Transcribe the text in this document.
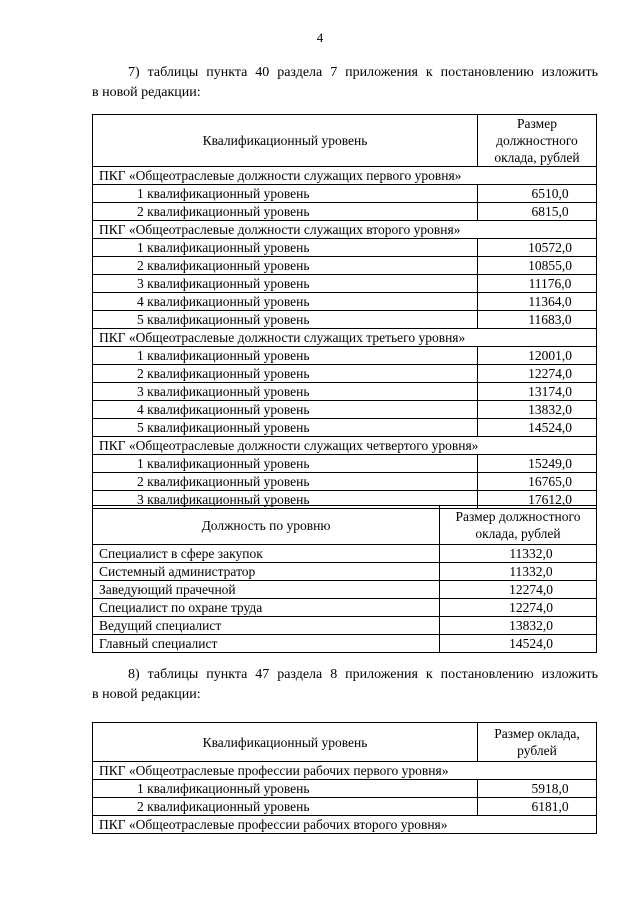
4
7) таблицы пункта 40 раздела 7 приложения к постановлению изложить
в новой редакции:
Квалификационный уровень	Размер должностного оклада, рублей
ПКГ «Общеотраслевые должности служащих первого уровня»	
1 квалификационный уровень	6510,0
2 квалификационный уровень	6815,0
ПКГ «Общеотраслевые должности служащих второго уровня»	
1 квалификационный уровень	10572,0
2 квалификационный уровень	10855,0
3 квалификационный уровень	11176,0
4 квалификационный уровень	11364,0
5 квалификационный уровень	11683,0
ПКГ «Общеотраслевые должности служащих третьего уровня»	
1 квалификационный уровень	12001,0
2 квалификационный уровень	12274,0
3 квалификационный уровень	13174,0
4 квалификационный уровень	13832,0
5 квалификационный уровень	14524,0
ПКГ «Общеотраслевые должности служащих четвертого уровня»	
1 квалификационный уровень	15249,0
2 квалификационный уровень	16765,0
3 квалификационный уровень	17612,0
Должность по уровню	Размер должностного оклада, рублей
Специалист в сфере закупок	11332,0
Системный администратор	11332,0
Заведующий прачечной	12274,0
Специалист по охране труда	12274,0
Ведущий специалист	13832,0
Главный специалист	14524,0
8) таблицы пункта 47 раздела 8 приложения к постановлению изложить
в новой редакции:
Квалификационный уровень	Размер оклада, рублей
ПКГ «Общеотраслевые профессии рабочих первого уровня»	
1 квалификационный уровень	5918,0
2 квалификационный уровень	6181,0
ПКГ «Общеотраслевые профессии рабочих второго уровня»	
